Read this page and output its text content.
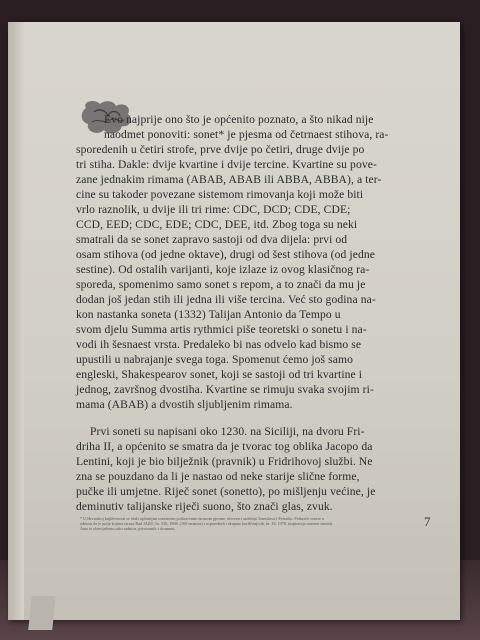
Evo najprije ono što je općenito poznato, a što nikad nije
naodmet ponoviti: sonet* je pjesma od četrnaest stihova, ra-
sporedenih u četiri strofe, prve dvije po četiri, druge dvije po
tri stiha. Dakle: dvije kvartine i dvije tercine. Kvartine su pove-
zane jednakim rimama (ABAB, ABAB ili ABBA, ABBA), a ter-
cine su takoder povezane sistemom rimovanja koji može biti
vrlo raznolik, u dvije ili tri rime: CDC, DCD; CDE, CDE;
CCD, EED; CDC, EDE; CDC, DEE, itd. Zbog toga su neki
smatrali da se sonet zapravo sastoji od dva dijela: prvi od
osam stihova (od jedne oktave), drugi od šest stihova (od jedne
sestine). Od ostalih varijanti, koje izlaze iz ovog klasičnog ra-
sporeda, spomenimo samo sonet s repom, a to znači da mu je
dodan još jedan stih ili jedna ili više tercina. Već sto godina na-
kon nastanka soneta (1332) Talijan Antonio da Tempo u
svom djelu Summa artis rythmici piše teoretski o sonetu i na-
vodi ih šesnaest vrsta. Predaleko bi nas odvelo kad bismo se
upustili u nabrajanje svega toga. Spomenut ćemo još samo
engleski, Shakespearov sonet, koji se sastoji od tri kvartine i
jednog, završnog dvostiha. Kvartine se rimuju svaka svojim ri-
mama (ABAB) a dvostih sljubljenim rimama.
Prvi soneti su napisani oko 1230. na Siciliji, na dvoru Fri-
driha II, a općenito se smatra da je tvorac tog oblika Jacopo da
Lentini, koji je bio bilježnik (pravnik) u Fridrihovoj službi. Ne
zna se pouzdano da li je nastao od neke starije slične forme,
pučke ili umjetne. Riječ sonet (sonetto), po mišljenju većine, je
deminutiv talijanske riječi suono, što znači glas, zvuk.
* U Hrvatskoj književnosti se služi opširnijim sonetovim potkraćenim izrazom pjesme, otvoren i sadržaja Tomislava i Petrarke. Potkraće sonete u
odnosu da je polje kojima izraza Rad JAZU, br. 330, 1968. (169 stranica) i usporednih i skupine korišćenjivih, br. 19, 1978. inspiracija sonetne izmisle
Ante te obaviješteno,tako sadnica, pivovarnih i dvanaest.	7
